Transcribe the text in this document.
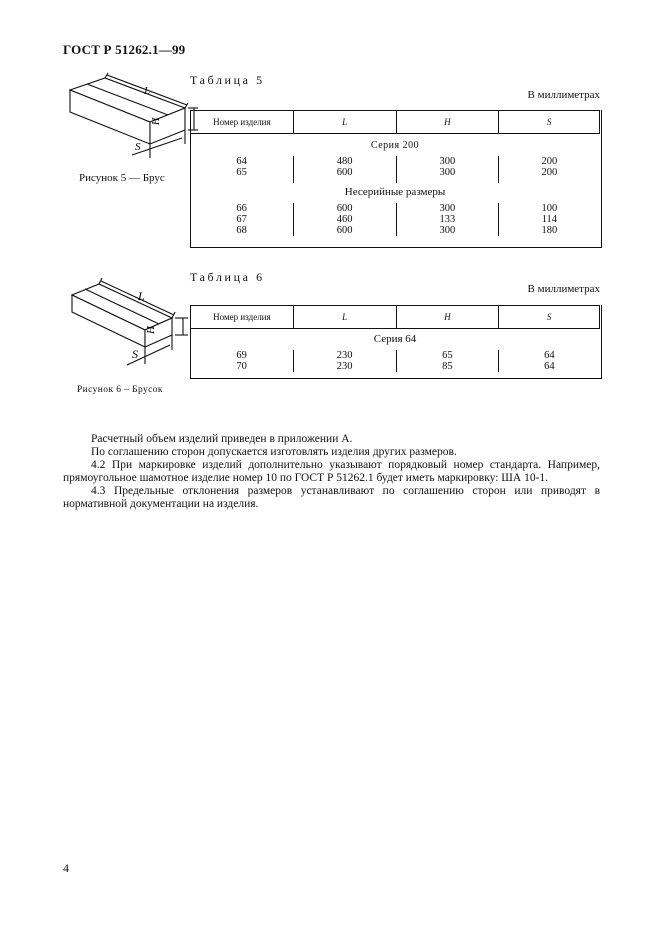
ГОСТ Р 51262.1—99
L
H
S
Рисунок 5 — Брус
Таблица 5
В миллиметрах
Номер изделия	L	H	S
Серия 200			
64	480	300	200
65	600	300	200

Несерийные размеры			
66	600	300	100
67	460	133	114
68	600	300	180
L
H
S
Рисунок 6 – Брусок
Таблица 6
В миллиметрах
Номер изделия	L	H	S
Серия 64			
69	230	65	64
70	230	85	64

Расчетный объем изделий приведен в приложении А.

По соглашению сторон допускается изготовлять изделия других размеров.

4.2 При маркировке изделий дополнительно указывают порядковый номер стандарта. Например, прямоугольное шамотное изделие номер 10 по ГОСТ Р 51262.1 будет иметь маркировку: ША 10-1.

4.3 Предельные отклонения размеров устанавливают по соглашению сторон или приводят в нормативной документации на изделия.

4
